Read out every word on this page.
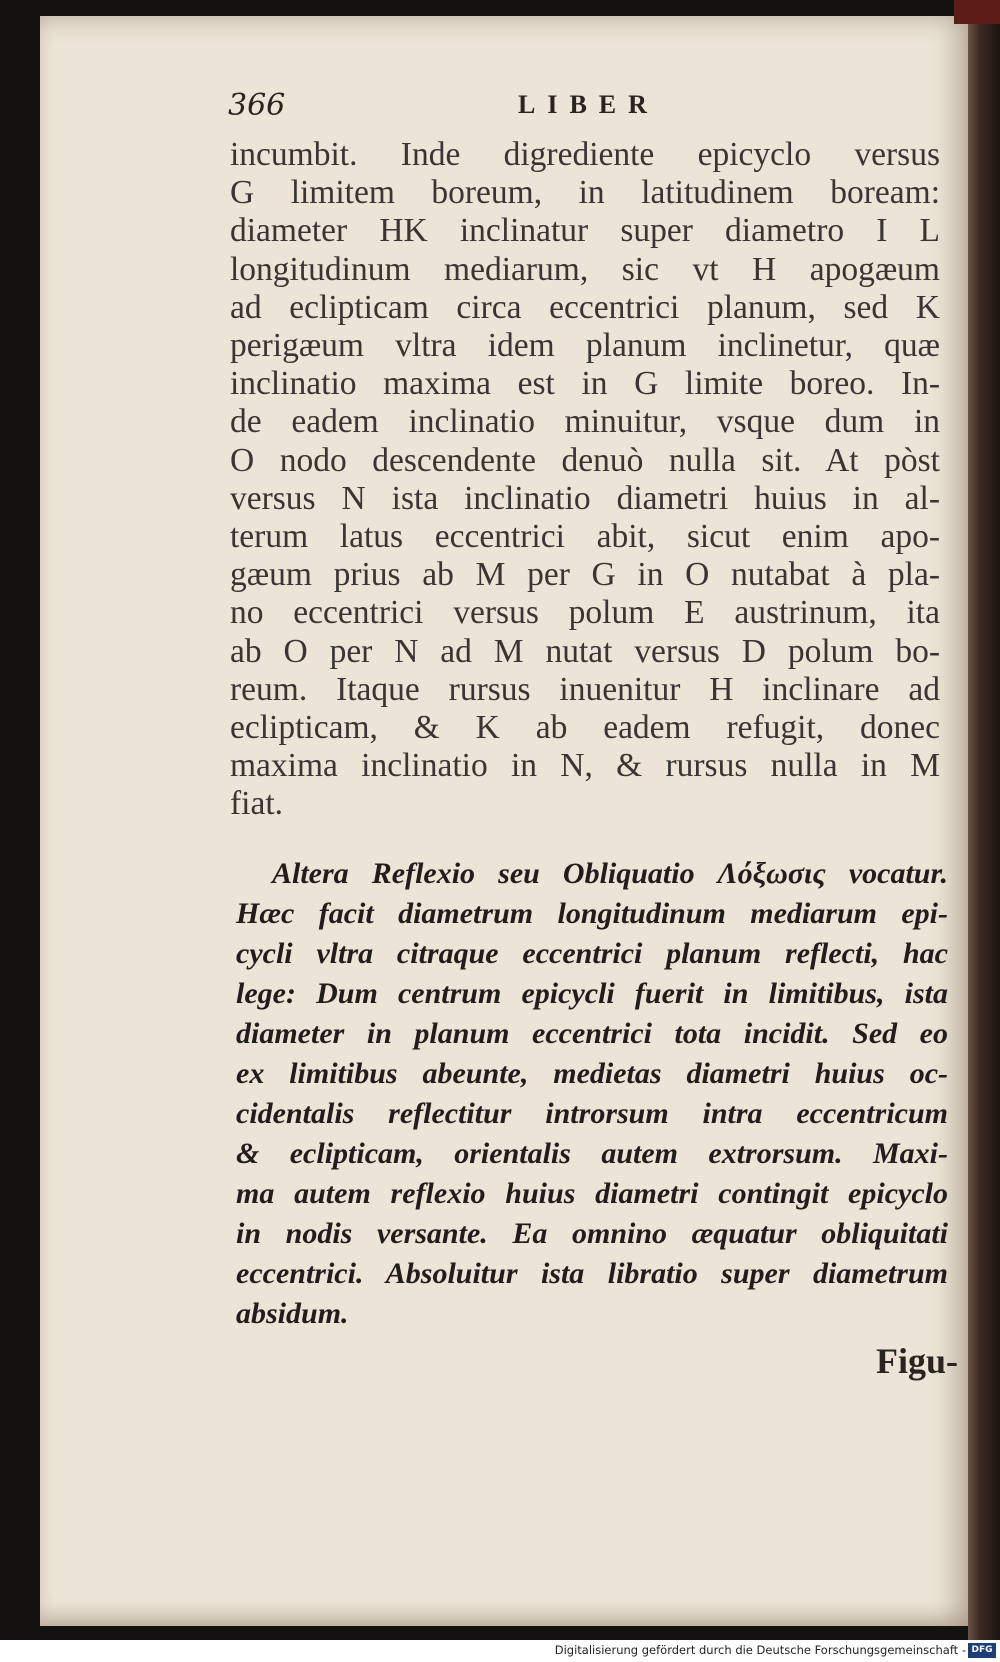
366	LIBER
incumbit. Inde digrediente epicyclo versus
G limitem boreum, in latitudinem boream:
diameter HK inclinatur super diametro I L
longitudinum mediarum, sic vt H apogæum
ad eclipticam circa eccentrici planum, sed K
perigæum vltra idem planum inclinetur, quæ
inclinatio maxima est in G limite boreo. In-
de eadem inclinatio minuitur, vsque dum in
O nodo descendente denuò nulla sit. At pòst
versus N ista inclinatio diametri huius in al-
terum latus eccentrici abit, sicut enim apo-
gæum prius ab M per G in O nutabat à pla-
no eccentrici versus polum E austrinum, ita
ab O per N ad M nutat versus D polum bo-
reum. Itaque rursus inuenitur H inclinare ad
eclipticam, & K ab eadem refugit, donec
maxima inclinatio in N, & rursus nulla in M
fiat.
Altera Reflexio seu Obliquatio Λόξωσις vocatur.
Hæc facit diametrum longitudinum mediarum epi-
cycli vltra citraque eccentrici planum reflecti, hac
lege: Dum centrum epicycli fuerit in limitibus, ista
diameter in planum eccentrici tota incidit. Sed eo
ex limitibus abeunte, medietas diametri huius oc-
cidentalis reflectitur introrsum intra eccentricum
& eclipticam, orientalis autem extrorsum. Maxi-
ma autem reflexio huius diametri contingit epicyclo
in nodis versante. Ea omnino æquatur obliquitati
eccentrici. Absoluitur ista libratio super diametrum
absidum.
Figu-
Digitalisierung gefördert durch die Deutsche Forschungsgemeinschaft - DFG
